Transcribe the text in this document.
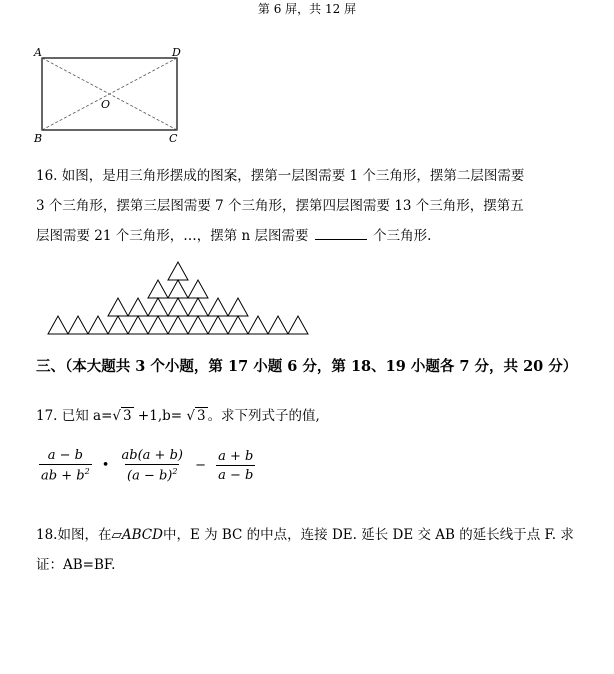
第 6 屏，共 12 屏
A	D
B	C
O
16. 如图，是用三角形摆成的图案，摆第一层图需要 1 个三角形，摆第二层图需要
3 个三角形，摆第三层图需要 7 个三角形，摆第四层图需要 13 个三角形，摆第五
层图需要 21 个三角形，…，摆第 n 层图需要	个三角形.
三、（本大题共 3 个小题，第 17 小题 6 分，第 18、19 小题各 7 分，共 20 分）
17. 已知 a=√ 3 +1,b= √ 3 。求下列式子的值,
$\frac{a - b}{ab + b^2}$ • $\frac{ab(a + b)}{(a - b)^2} - \frac{a + b}{a - b}$
18.如图，在▱ABCD中，E 为 BC 的中点，连接 DE. 延长 DE 交 AB 的延长线于点 F. 求
证：AB=BF.
